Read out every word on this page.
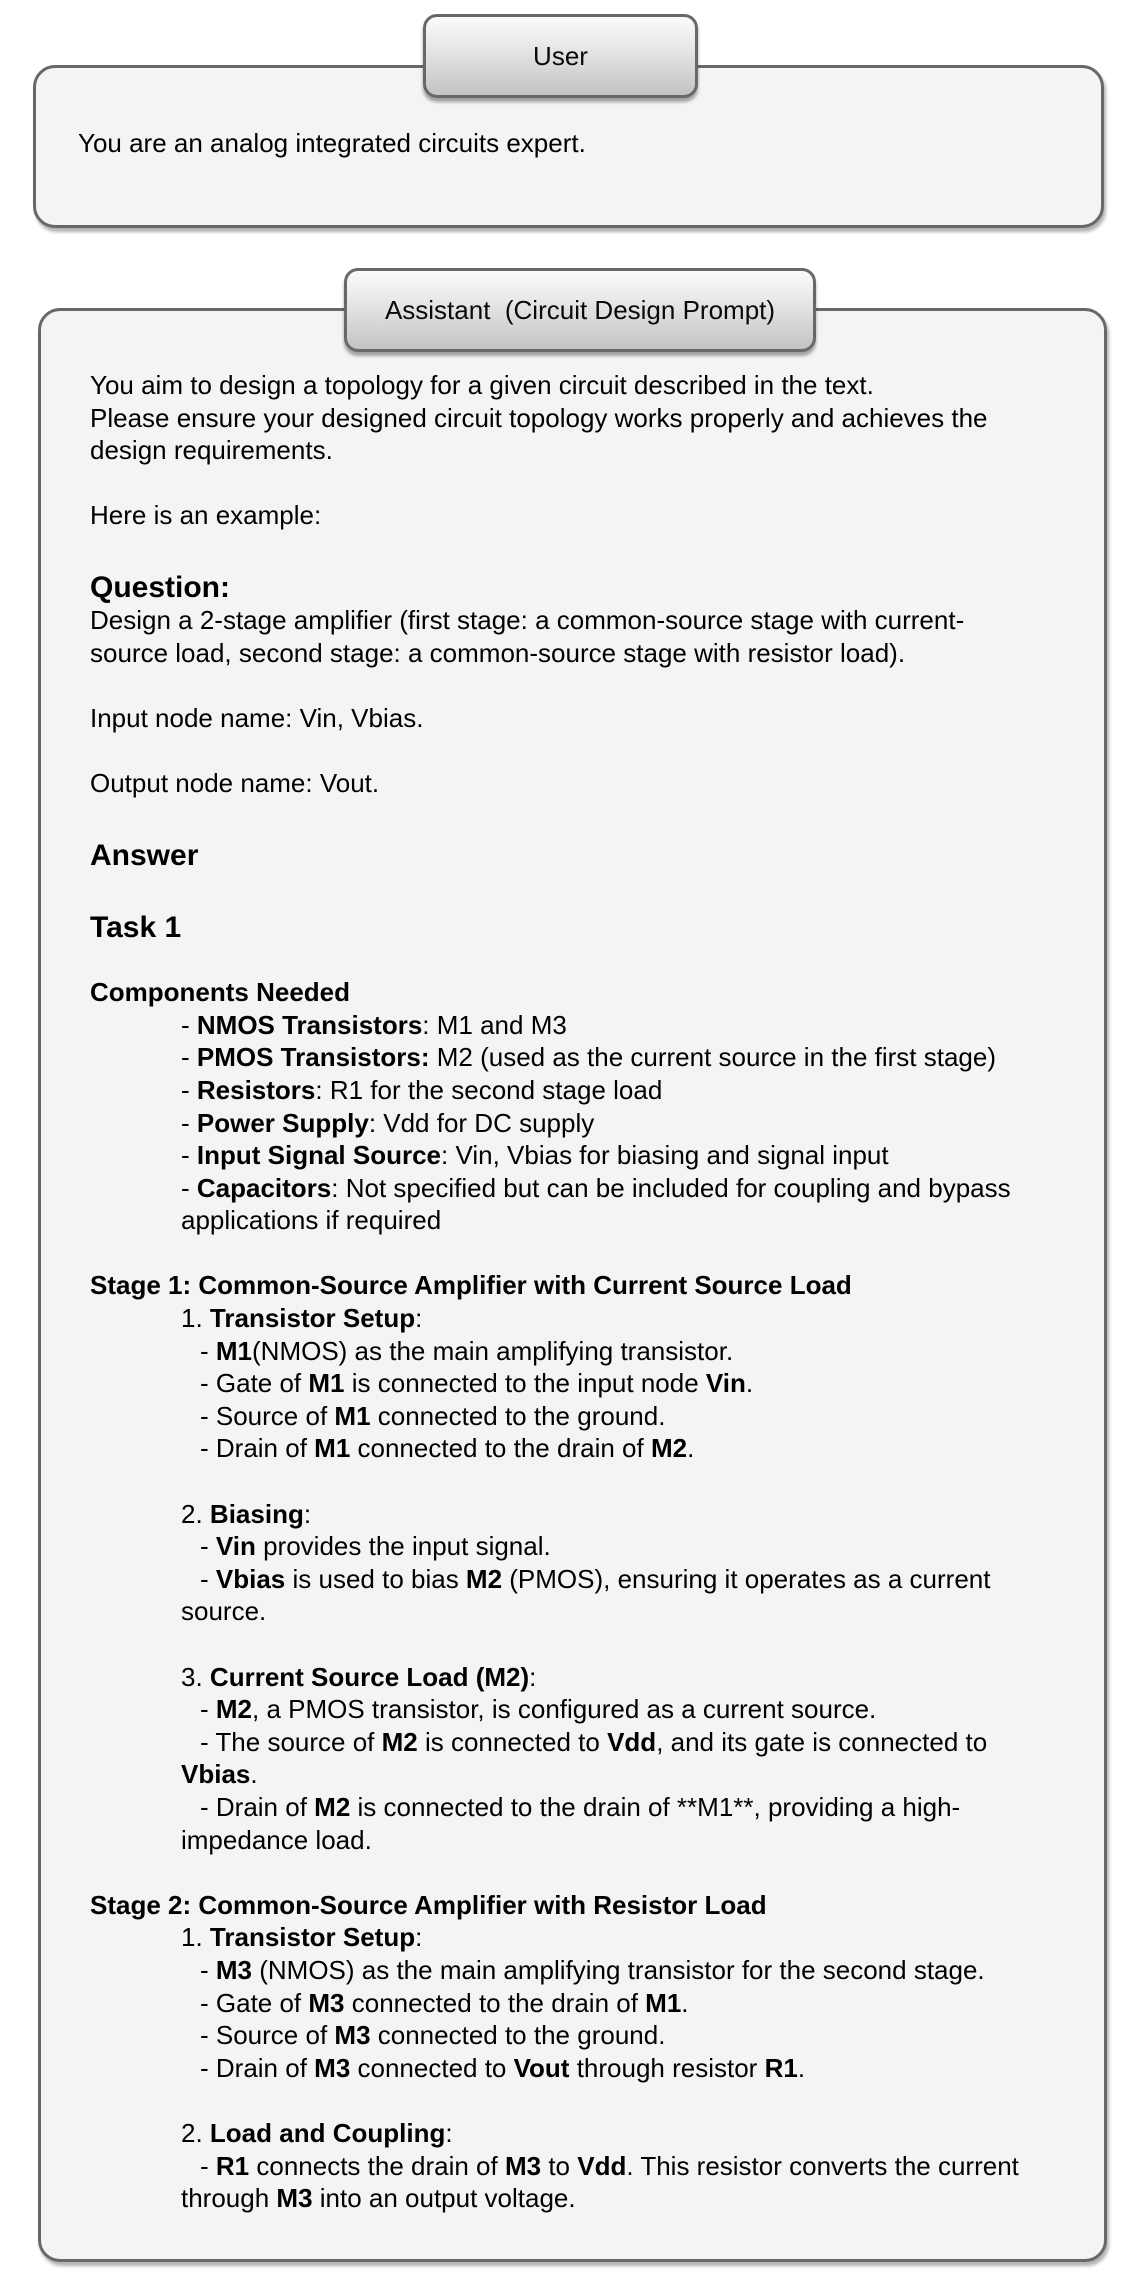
User
You are an analog integrated circuits expert.
Assistant  (Circuit Design Prompt)
You aim to design a topology for a given circuit described in the text.
Please ensure your designed circuit topology works properly and achieves the
design requirements.
Here is an example:
Question:
Design a 2-stage amplifier (first stage: a common-source stage with current-
source load, second stage: a common-source stage with resistor load).
Input node name: Vin, Vbias.
Output node name: Vout.
Answer
Task 1
Components Needed
- NMOS Transistors: M1 and M3
- PMOS Transistors: M2 (used as the current source in the first stage)
- Resistors: R1 for the second stage load
- Power Supply: Vdd for DC supply
- Input Signal Source: Vin, Vbias for biasing and signal input
- Capacitors: Not specified but can be included for coupling and bypass
applications if required
Stage 1: Common-Source Amplifier with Current Source Load
1. Transistor Setup:
- M1(NMOS) as the main amplifying transistor.
- Gate of M1 is connected to the input node Vin.
- Source of M1 connected to the ground.
- Drain of M1 connected to the drain of M2.
2. Biasing:
- Vin provides the input signal.
- Vbias is used to bias M2 (PMOS), ensuring it operates as a current
source.
3. Current Source Load (M2):
- M2, a PMOS transistor, is configured as a current source.
- The source of M2 is connected to Vdd, and its gate is connected to
Vbias.
- Drain of M2 is connected to the drain of **M1**, providing a high-
impedance load.
Stage 2: Common-Source Amplifier with Resistor Load
1. Transistor Setup:
- M3 (NMOS) as the main amplifying transistor for the second stage.
- Gate of M3 connected to the drain of M1.
- Source of M3 connected to the ground.
- Drain of M3 connected to Vout through resistor R1.
2. Load and Coupling:
- R1 connects the drain of M3 to Vdd. This resistor converts the current
through M3 into an output voltage.
